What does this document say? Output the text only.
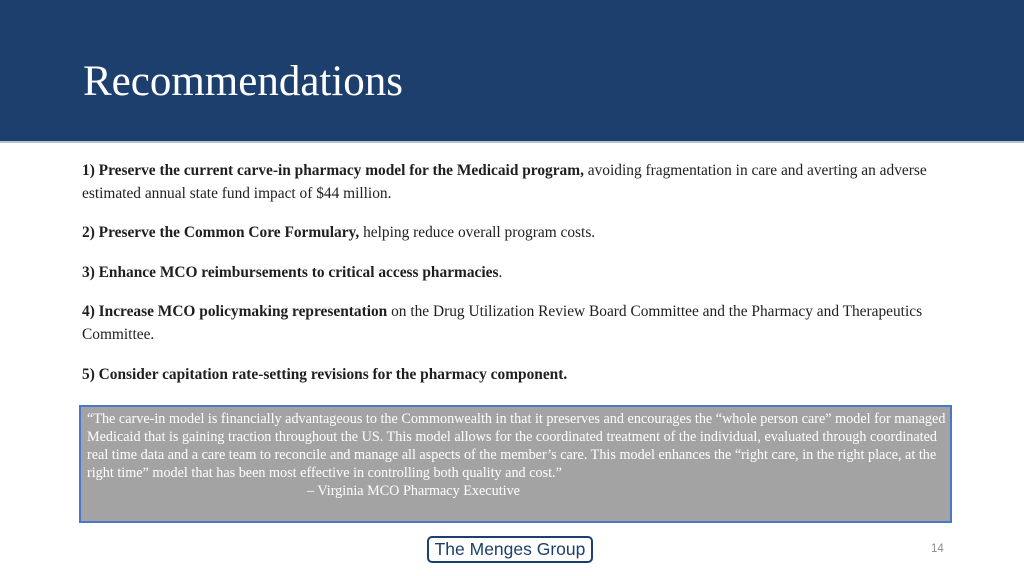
Recommendations
1) Preserve the current carve-in pharmacy model for the Medicaid program, avoiding fragmentation in care and averting an adverse estimated annual state fund impact of $44 million.
2) Preserve the Common Core Formulary, helping reduce overall program costs.
3) Enhance MCO reimbursements to critical access pharmacies.
4) Increase MCO policymaking representation on the Drug Utilization Review Board Committee and the Pharmacy and Therapeutics Committee.
5) Consider capitation rate-setting revisions for the pharmacy component.
“The carve-in model is financially advantageous to the Commonwealth in that it preserves and encourages the “whole person care” model for managed Medicaid that is gaining traction throughout the US. This model allows for the coordinated treatment of the individual, evaluated through coordinated real time data and a care team to reconcile and manage all aspects of the member’s care. This model enhances the “right care, in the right place, at the right time” model that has been most effective in controlling both quality and cost.”
– Virginia MCO Pharmacy Executive
The Menges Group	14
